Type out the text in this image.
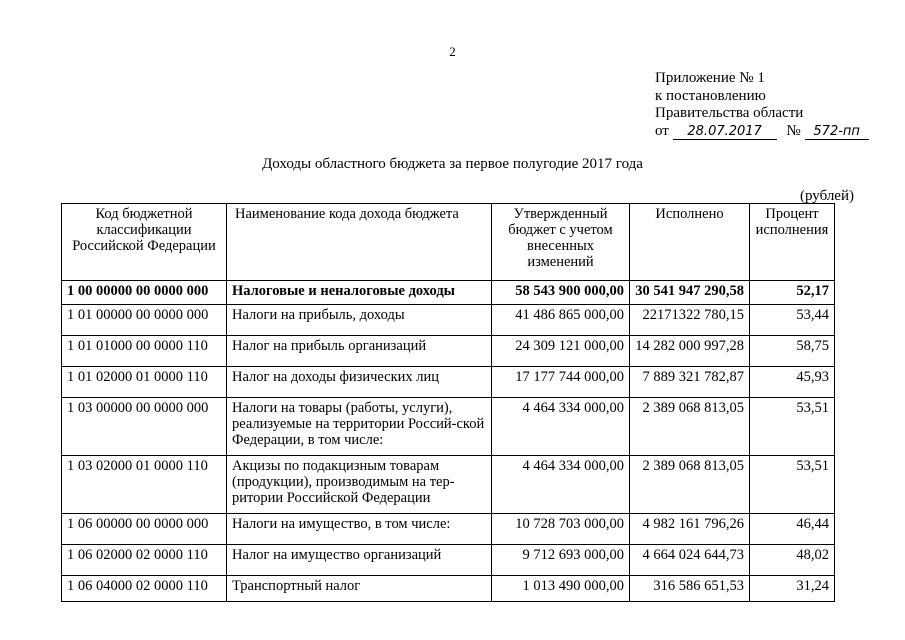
2
Приложение № 1
к постановлению
Правительства области
от 28.07.2017 № 572-пп
Доходы областного бюджета за первое полугодие 2017 года
(рублей)
Код бюджетной классификации Российской Федерации	Наименование кода дохода бюджета	Утвержденный бюджет с учетом внесенных изменений	Исполнено	Процент исполнения
1 00 00000 00 0000 000	Налоговые и неналоговые доходы	58 543 900 000,00	30 541 947 290,58	52,17
1 01 00000 00 0000 000	Налоги на прибыль, доходы	41 486 865 000,00	22171322 780,15	53,44
1 01 01000 00 0000 110	Налог на прибыль организаций	24 309 121 000,00	14 282 000 997,28	58,75
1 01 02000 01 0000 110	Налог на доходы физических лиц	17 177 744 000,00	7 889 321 782,87	45,93
1 03 00000 00 0000 000	Налоги на товары (работы, услуги), реализуемые на территории Россий-ской Федерации, в том числе:	4 464 334 000,00	2 389 068 813,05	53,51
1 03 02000 01 0000 110	Акцизы по подакцизным товарам (продукции), производимым на тер-ритории Российской Федерации	4 464 334 000,00	2 389 068 813,05	53,51
1 06 00000 00 0000 000	Налоги на имущество, в том числе:	10 728 703 000,00	4 982 161 796,26	46,44
1 06 02000 02 0000 110	Налог на имущество организаций	9 712 693 000,00	4 664 024 644,73	48,02
1 06 04000 02 0000 110	Транспортный налог	1 013 490 000,00	316 586 651,53	31,24
